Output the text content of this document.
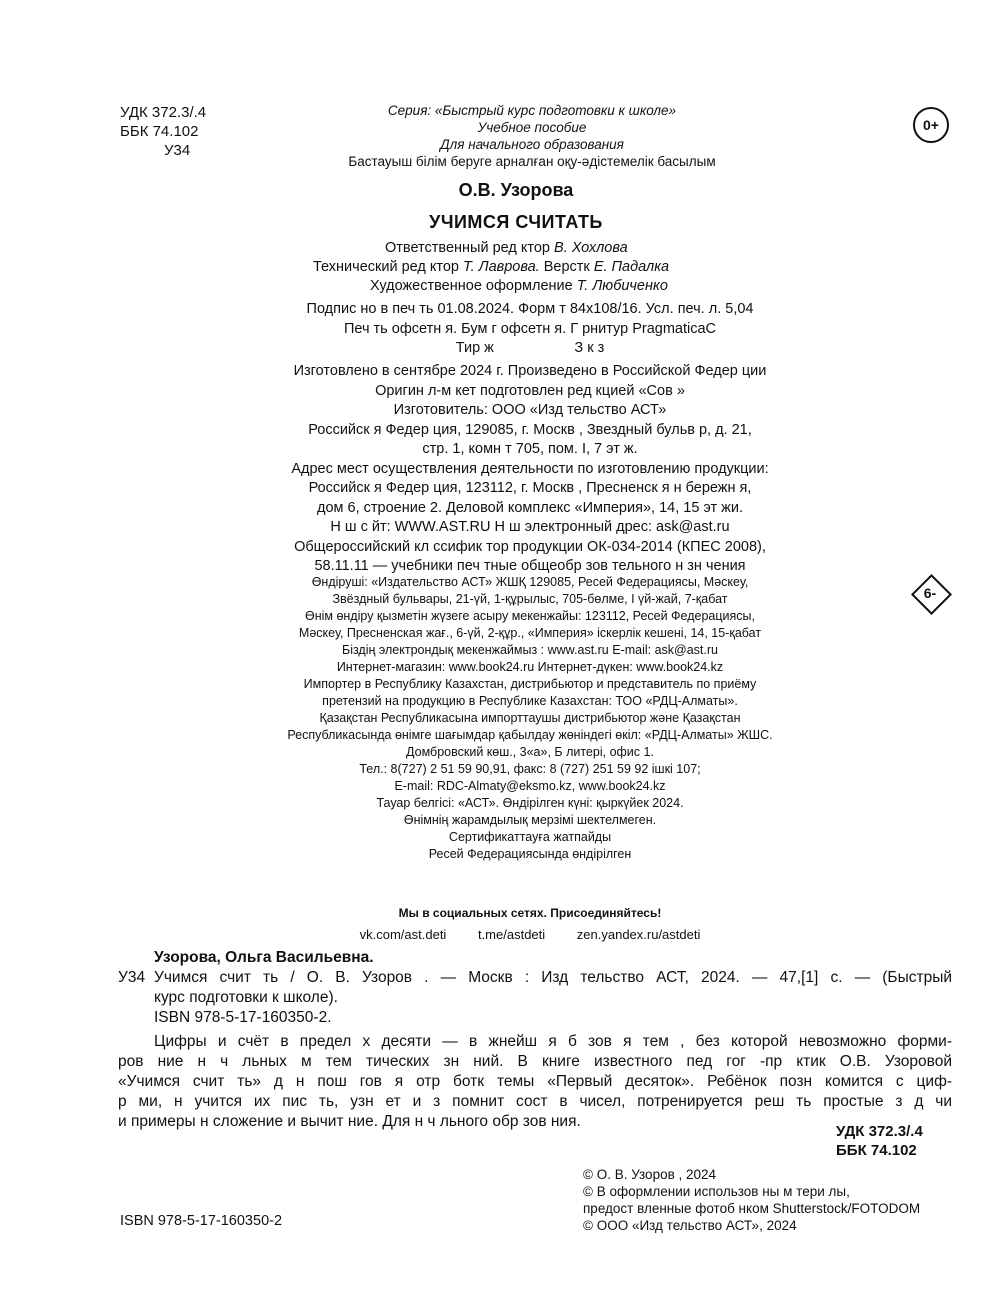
УДК 372.3/.4
ББК 74.102
У34
Серия: «Быстрый курс подготовки к школе»
Учебное пособие
Для начального образования
Бастауыш білім беруге арналған оқу-әдістемелік басылым
0+
О.В. Узорова
УЧИМСЯ СЧИТАТЬ
Ответственный ред ктор В. Хохлова
Технический ред ктор Т. Лаврова. Верстк Е. Падалка
Художественное оформление Т. Любиченко
Подпис но в печ ть 01.08.2024. Форм т 84х108/16. Усл. печ. л. 5,04
Печ ть офсетн я. Бум г офсетн я. Г рнитур PragmaticaC
Тир ж                    З к з
Изготовлено в сентябре 2024 г. Произведено в Российской Федер ции
Оригин л-м кет подготовлен ред кцией «Сов »
Изготовитель: ООО «Изд тельство АСТ»
Российск я Федер ция, 129085, г. Москв , Звездный бульв р, д. 21,
стр. 1, комн т 705, пом. I, 7 эт ж.
Адрес мест осуществления деятельности по изготовлению продукции:
Российск я Федер ция, 123112, г. Москв , Пресненск я н бережн я,
дом 6, строение 2. Деловой комплекс «Империя», 14, 15 эт жи.
Н ш с йт: WWW.AST.RU Н ш электронный дрес: ask@ast.ru
Общероссийский кл ссифик тор продукции ОК-034-2014 (КПЕС 2008),
58.11.11 — учебники печ тные общеобр зов тельного н зн чения
6-
Өндіруші: «Издательство АСТ» ЖШҚ 129085, Ресей Федерациясы, Мәскеу,
Звёздный бульвары, 21-үй, 1-құрылыс, 705-бөлме, I үй-жай, 7-қабат
Өнім өндіру қызметін жүзеге асыру мекенжайы: 123112, Ресей Федерациясы,
Мәскеу, Пресненская жағ., 6-үй, 2-құр., «Империя» іскерлік кешені, 14, 15-қабат
Біздің электрондық мекенжаймыз : www.ast.ru E-mail: ask@ast.ru
Интернет-магазин: www.book24.ru Интернет-дүкен: www.book24.kz
Импортер в Республику Казахстан, дистрибьютор и представитель по приёму
претензий на продукцию в Республике Казахстан: ТОО «РДЦ-Алматы».
Қазақстан Республикасына импорттаушы дистрибьютор және Қазақстан
Республикасында өнімге шағымдар қабылдау жөніндегі өкіл: «РДЦ-Алматы» ЖШС.
Домбровский көш., 3«а», Б литері, офис 1.
Тел.: 8(727) 2 51 59 90,91, факс: 8 (727) 251 59 92 ішкі 107;
E-mail: RDC-Almaty@eksmo.kz, www.book24.kz
Тауар белгісі: «АСТ». Өндірілген күні: қыркүйек 2024.
Өнімнің жарамдылық мерзімі шектелмеген.
Сертификаттауға жатпайды
Ресей Федерациясында өндірілген
Мы в социальных сетях. Присоединяйтесь!
vk.com/ast.deti t.me/astdeti zen.yandex.ru/astdeti

Узорова, Ольга Васильевна.

У34 Учимся счит ть / О. В. Узоров . — Москв : Изд тельство АСТ, 2024. — 47,[1] с. — (Быстрый

курс подготовки к школе).

ISBN 978-5-17-160350-2.

Цифры и счёт в предел х десяти — в жнейш я б зов я тем , без которой невозможно форми-

ров ние н ч льных м тем тических зн ний. В книге известного пед гог -пр ктик О.В. Узоровой

«Учимся счит ть» д н пош гов я отр ботк темы «Первый десяток». Ребёнок позн комится с циф-

р ми, н учится их пис ть, узн ет и з помнит сост в чисел, потренируется реш ть простые з д чи

и примеры н сложение и вычит ние. Для н ч льного обр зов ния.

УДК 372.3/.4
ББК 74.102
© О. В. Узоров , 2024
© В оформлении использов ны м тери лы,
предост вленные фотоб нком Shutterstock/FOTODOM
© ООО «Изд тельство АСТ», 2024
ISBN 978-5-17-160350-2
